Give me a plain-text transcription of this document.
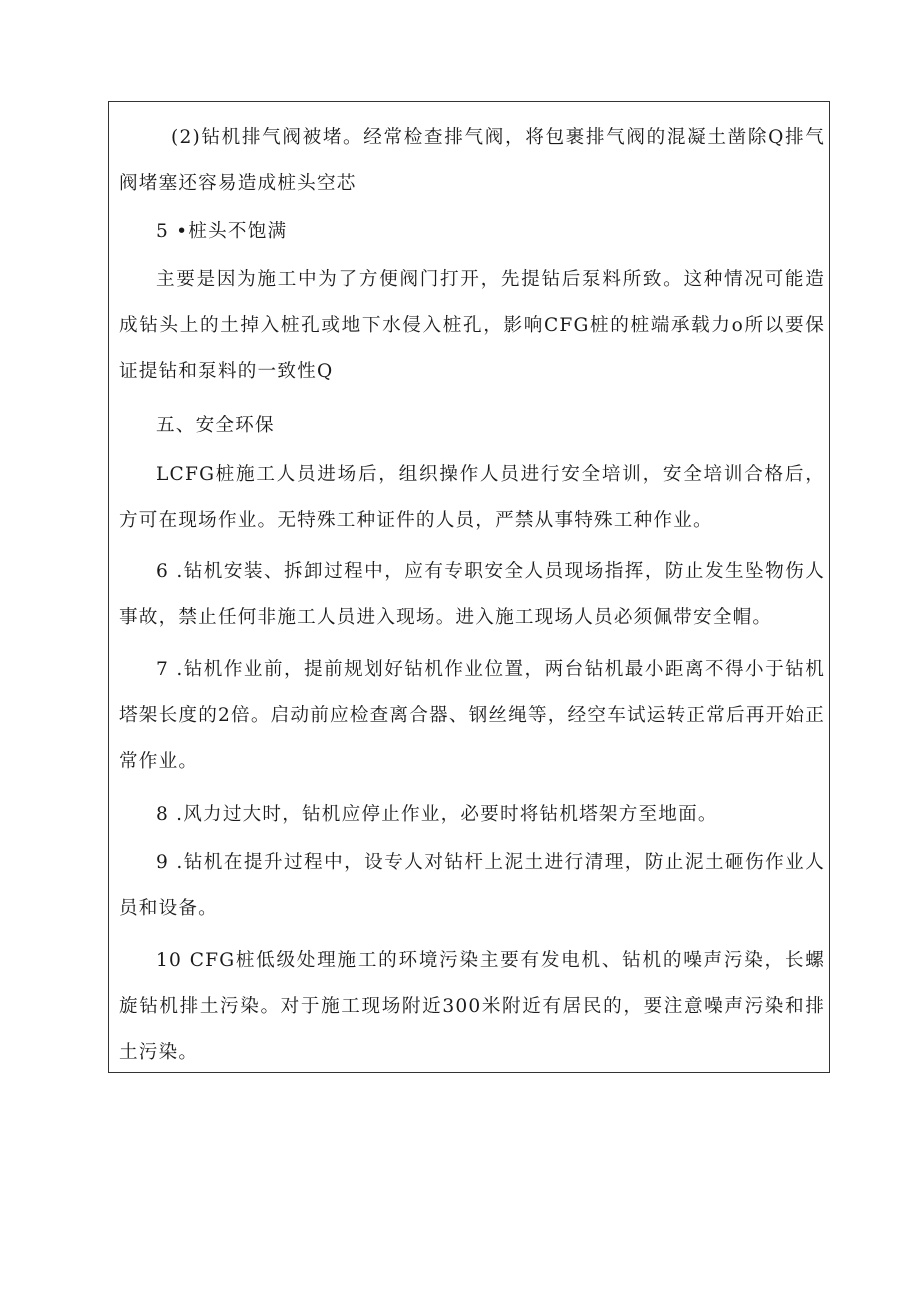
(2)钻机排气阀被堵。经常检查排气阀，将包裹排气阀的混凝土凿除Q排气阀堵塞还容易造成桩头空芯

5 •桩头不饱满

主要是因为施工中为了方便阀门打开，先提钻后泵料所致。这种情况可能造成钻头上的土掉入桩孔或地下水侵入桩孔，影响CFG桩的桩端承载力o所以要保证提钻和泵料的一致性Q

五、安全环保

LCFG桩施工人员进场后，组织操作人员进行安全培训，安全培训合格后，方可在现场作业。无特殊工种证件的人员，严禁从事特殊工种作业。

6 .钻机安装、拆卸过程中，应有专职安全人员现场指挥，防止发生坠物伤人事故，禁止任何非施工人员进入现场。进入施工现场人员必须佩带安全帽。

7 .钻机作业前，提前规划好钻机作业位置，两台钻机最小距离不得小于钻机塔架长度的2倍。启动前应检查离合器、钢丝绳等，经空车试运转正常后再开始正常作业。

8 .风力过大时，钻机应停止作业，必要时将钻机塔架方至地面。

9 .钻机在提升过程中，设专人对钻杆上泥土进行清理，防止泥土砸伤作业人员和设备。

10 CFG桩低级处理施工的环境污染主要有发电机、钻机的噪声污染，长螺旋钻机排土污染。对于施工现场附近300米附近有居民的，要注意噪声污染和排土污染。
